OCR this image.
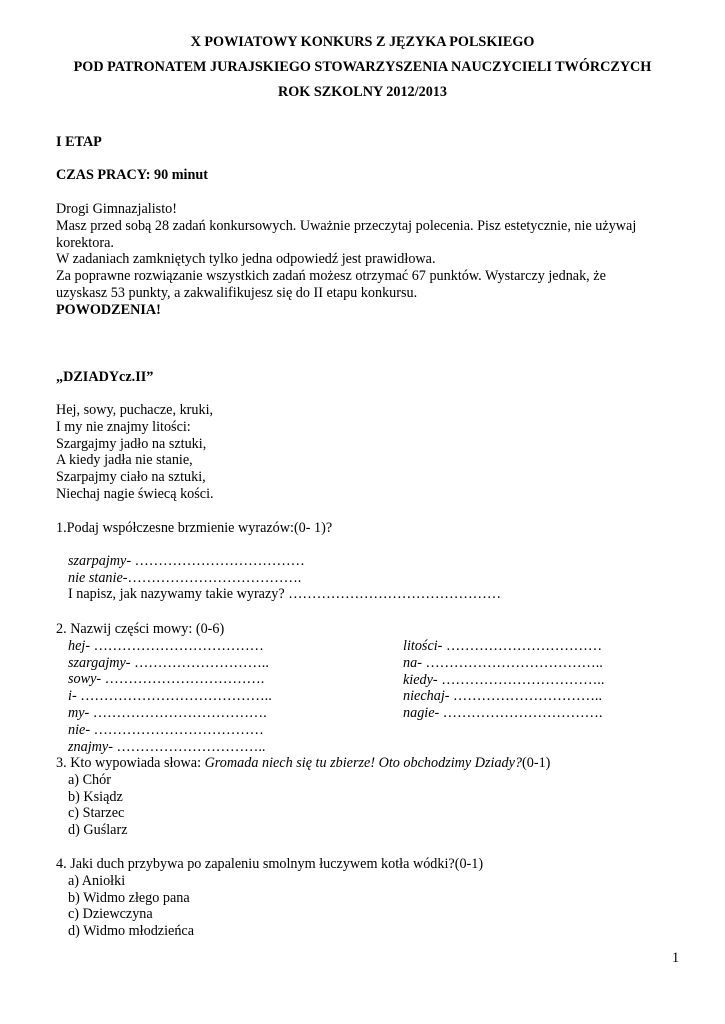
X POWIATOWY KONKURS Z JĘZYKA POLSKIEGO
POD PATRONATEM JURAJSKIEGO STOWARZYSZENIA NAUCZYCIELI TWÓRCZYCH
ROK SZKOLNY 2012/2013
I ETAP
CZAS PRACY: 90 minut
Drogi Gimnazjalisto!
Masz przed sobą 28 zadań konkursowych. Uważnie przeczytaj polecenia. Pisz estetycznie, nie używaj
korektora.
W zadaniach zamkniętych tylko jedna odpowiedź jest prawidłowa.
Za poprawne rozwiązanie wszystkich zadań możesz otrzymać 67 punktów. Wystarczy jednak, że
uzyskasz 53 punkty, a zakwalifikujesz się do II etapu konkursu.
POWODZENIA!
„DZIADYcz.II”
Hej, sowy, puchacze, kruki,
I my nie znajmy litości:
Szargajmy jadło na sztuki,
A kiedy jadła nie stanie,
Szarpajmy ciało na sztuki,
Niechaj nagie świecą kości.
1.Podaj współczesne brzmienie wyrazów:(0- 1)?
szarpajmy- ………………………………
nie stanie-……………………………….
I napisz, jak nazywamy takie wyrazy? ………………………………………
2. Nazwij części mowy: (0-6)
hej- ………………………………
szargajmy- ………………………..
sowy- …………………………….
i- …………………………………..
my- ……………………………….
nie- ………………………………
znajmy- …………………………..
litości- ……………………………
na- ………………………………..
kiedy- ……………………………..
niechaj- …………………………..
nagie- …………………………….
3. Kto wypowiada słowa: Gromada niech się tu zbierze! Oto obchodzimy Dziady?(0-1)
a) Chór
b) Ksiądz
c) Starzec
d) Guślarz
4. Jaki duch przybywa po zapaleniu smolnym łuczywem kotła wódki?(0-1)
a) Aniołki
b) Widmo złego pana
c) Dziewczyna
d) Widmo młodzieńca
1
